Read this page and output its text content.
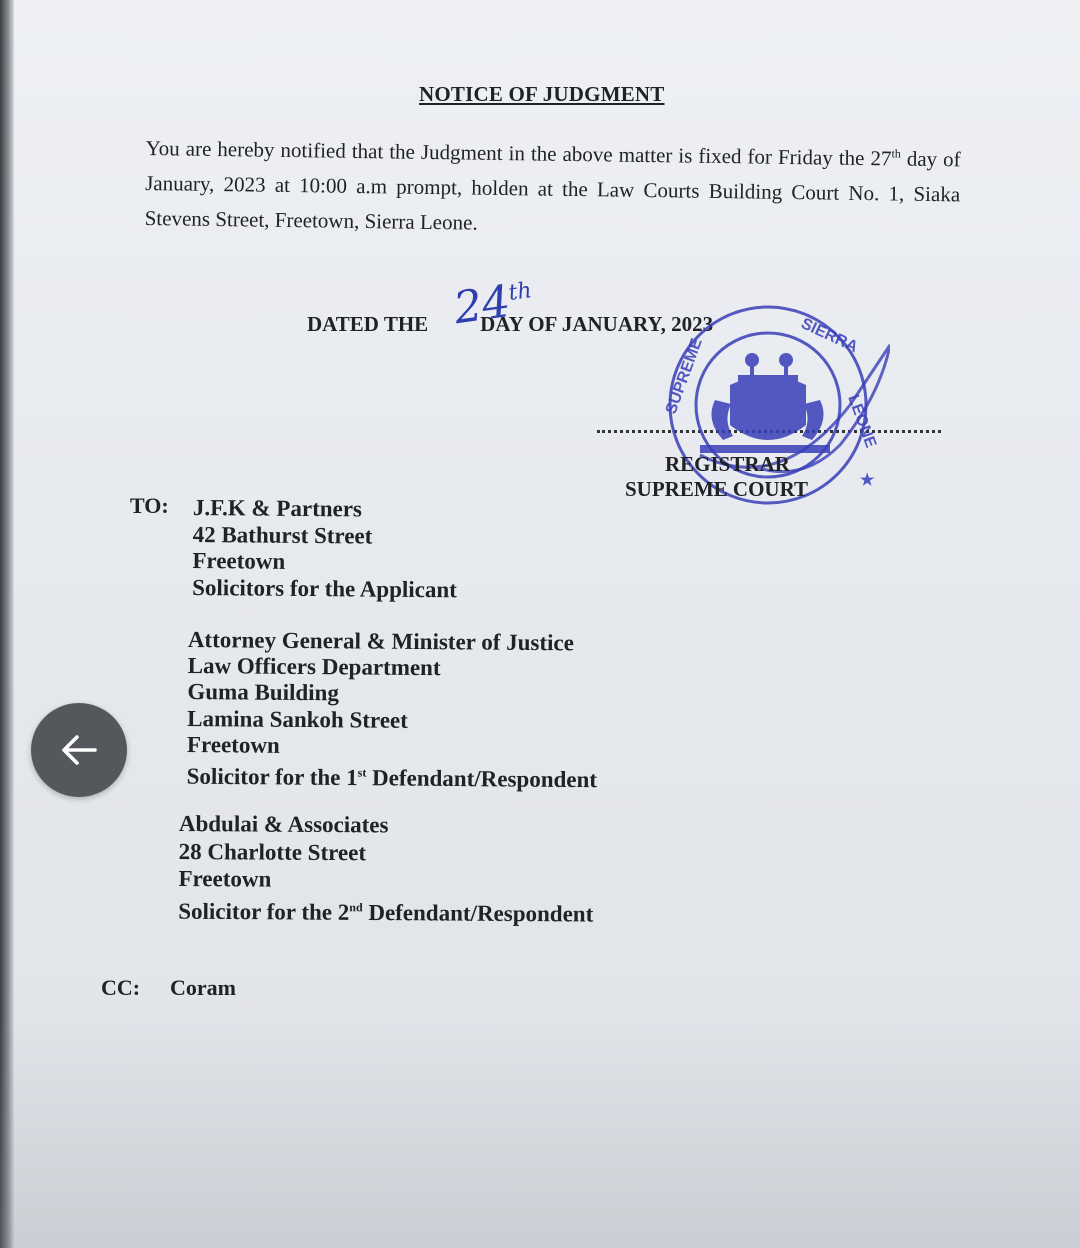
NOTICE OF JUDGMENT
You are hereby notified that the Judgment in the above matter is fixed for Friday the 27th day of January, 2023 at 10:00 a.m prompt, holden at the Law Courts Building Court No. 1, Siaka Stevens Street, Freetown, Sierra Leone.
DATED THE DAY OF JANUARY, 2023
24th
SUPREME
SIERRA
LEONE
★
REGISTRAR
SUPREME COURT
TO: J.F.K & Partners
42 Bathurst Street
Freetown
Solicitors for the Applicant
Attorney General & Minister of Justice
Law Officers Department
Guma Building
Lamina Sankoh Street
Freetown
Solicitor for the 1st Defendant/Respondent
Abdulai & Associates
28 Charlotte Street
Freetown
Solicitor for the 2nd Defendant/Respondent
CC: Coram
